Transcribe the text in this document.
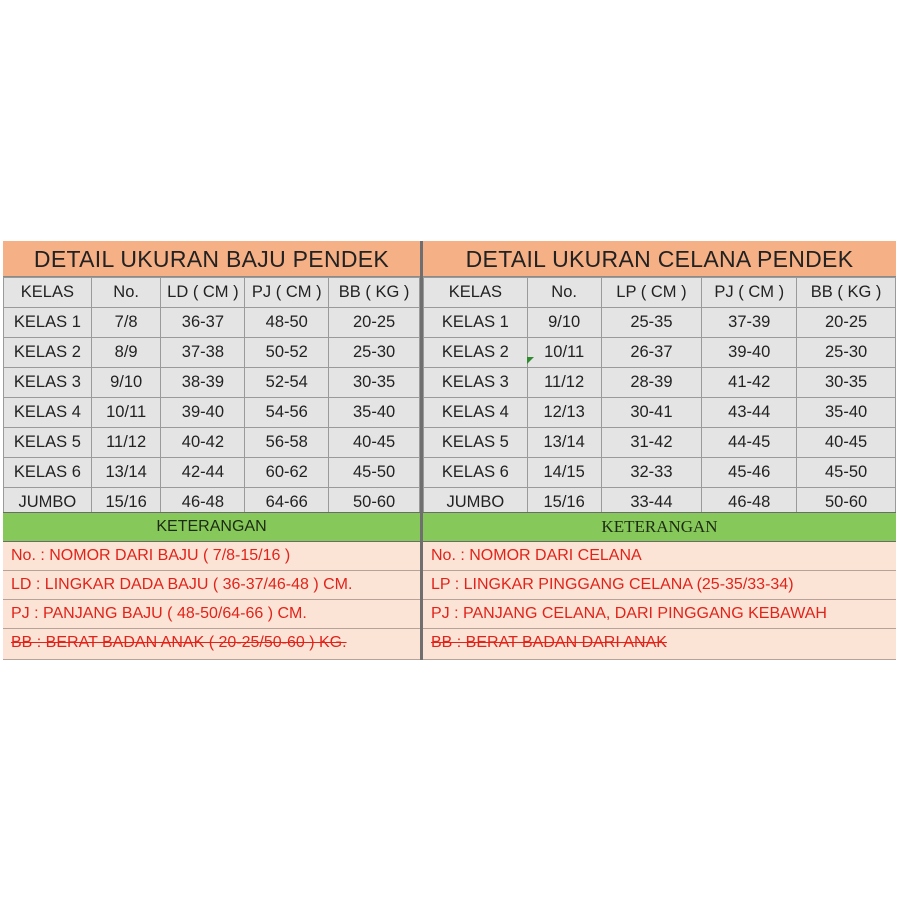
DETAIL UKURAN BAJU PENDEK
KELAS	No.	LD ( CM )	PJ ( CM )	BB ( KG )
KELAS 1	7/8	36-37	48-50	20-25
KELAS 2	8/9	37-38	50-52	25-30
KELAS 3	9/10	38-39	52-54	30-35
KELAS 4	10/11	39-40	54-56	35-40
KELAS 5	11/12	40-42	56-58	40-45
KELAS 6	13/14	42-44	60-62	45-50
JUMBO	15/16	46-48	64-66	50-60
KETERANGAN
No. : NOMOR DARI BAJU ( 7/8-15/16 )
LD : LINGKAR DADA BAJU ( 36-37/46-48 ) CM.
PJ : PANJANG BAJU ( 48-50/64-66 ) CM.
BB : BERAT BADAN ANAK ( 20-25/50-60 ) KG.
DETAIL UKURAN CELANA PENDEK
KELAS	No.	LP ( CM )	PJ ( CM )	BB ( KG )
KELAS 1	9/10	25-35	37-39	20-25
KELAS 2	10/11	26-37	39-40	25-30
KELAS 3	11/12	28-39	41-42	30-35
KELAS 4	12/13	30-41	43-44	35-40
KELAS 5	13/14	31-42	44-45	40-45
KELAS 6	14/15	32-33	45-46	45-50
JUMBO	15/16	33-44	46-48	50-60
KETERANGAN
No. : NOMOR DARI CELANA
LP : LINGKAR PINGGANG CELANA (25-35/33-34)
PJ : PANJANG CELANA, DARI PINGGANG KEBAWAH
BB : BERAT BADAN DARI ANAK
